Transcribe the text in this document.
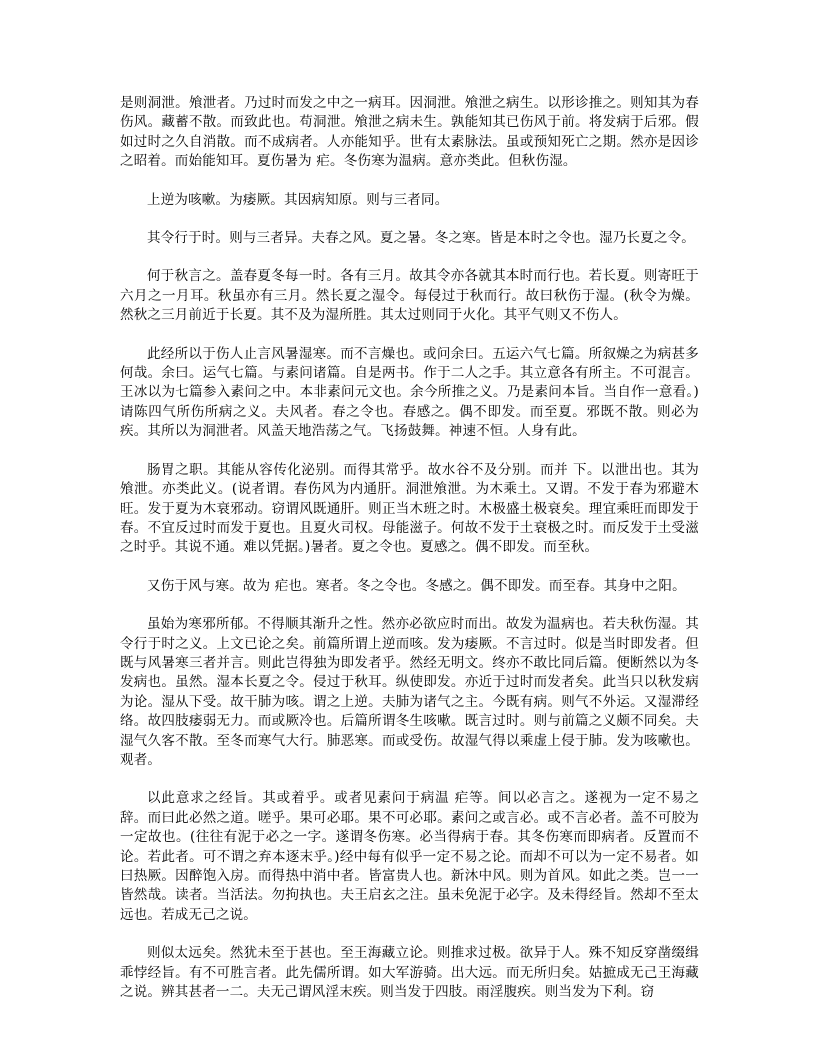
是则洞泄。飧泄者。乃过时而发之中之一病耳。因洞泄。飧泄之病生。以形诊推之。则知其为春伤风。藏蓄不散。而致此也。苟洞泄。飧泄之病未生。孰能知其已伤风于前。将发病于后邪。假如过时之久自消散。而不成病者。人亦能知乎。世有太素脉法。虽或预知死亡之期。然亦是因诊之昭着。而始能知耳。夏伤暑为 疟。冬伤寒为温病。意亦类此。但秋伤湿。

上逆为咳嗽。为痿厥。其因病知原。则与三者同。

其令行于时。则与三者异。夫春之风。夏之暑。冬之寒。皆是本时之令也。湿乃长夏之令。

何于秋言之。盖春夏冬每一时。各有三月。故其令亦各就其本时而行也。若长夏。则寄旺于六月之一月耳。秋虽亦有三月。然长夏之湿令。每侵过于秋而行。故曰秋伤于湿。(秋令为燥。然秋之三月前近于长夏。其不及为湿所胜。其太过则同于火化。其平气则又不伤人。

此经所以于伤人止言风暑湿寒。而不言燥也。或问余曰。五运六气七篇。所叙燥之为病甚多何哉。余曰。运气七篇。与素问诸篇。自是两书。作于二人之手。其立意各有所主。不可混言。王冰以为七篇参入素问之中。本非素问元文也。余今所推之义。乃是素问本旨。当自作一意看。)请陈四气所伤所病之义。夫风者。春之令也。春感之。偶不即发。而至夏。邪既不散。则必为疾。其所以为洞泄者。风盖天地浩荡之气。飞扬鼓舞。神速不恒。人身有此。

肠胃之职。其能从容传化泌别。而得其常乎。故水谷不及分别。而并 下。以泄出也。其为飧泄。亦类此义。(说者谓。春伤风为内通肝。洞泄飧泄。为木乘土。又谓。不发于春为邪避木旺。发于夏为木衰邪动。窃谓风既通肝。则正当木班之时。木极盛土极衰矣。理宜乘旺而即发于春。不宜反过时而发于夏也。且夏火司权。母能滋子。何故不发于土衰极之时。而反发于土受滋之时乎。其说不通。难以凭据。)暑者。夏之令也。夏感之。偶不即发。而至秋。

又伤于风与寒。故为 疟也。寒者。冬之令也。冬感之。偶不即发。而至春。其身中之阳。

虽始为寒邪所郁。不得顺其渐升之性。然亦必欲应时而出。故发为温病也。若夫秋伤湿。其令行于时之义。上文已论之矣。前篇所谓上逆而咳。发为痿厥。不言过时。似是当时即发者。但既与风暑寒三者并言。则此岂得独为即发者乎。然经无明文。终亦不敢比同后篇。便断然以为冬发病也。虽然。湿本长夏之令。侵过于秋耳。纵使即发。亦近于过时而发者矣。此当只以秋发病为论。湿从下受。故干肺为咳。谓之上逆。夫肺为诸气之主。今既有病。则气不外运。又湿滞经络。故四肢痿弱无力。而或厥冷也。后篇所谓冬生咳嗽。既言过时。则与前篇之义颇不同矣。夫湿气久客不散。至冬而寒气大行。肺恶寒。而或受伤。故湿气得以乘虚上侵于肺。发为咳嗽也。观者。

以此意求之经旨。其或着乎。或者见素问于病温 疟等。间以必言之。遂视为一定不易之辞。而曰此必然之道。嗟乎。果可必耶。果不可必耶。素问之或言必。或不言必者。盖不可胶为一定故也。(往往有泥于必之一字。遂谓冬伤寒。必当得病于春。其冬伤寒而即病者。反置而不论。若此者。可不谓之弃本逐末乎。)经中每有似乎一定不易之论。而却不可以为一定不易者。如曰热厥。因醉饱入房。而得热中消中者。皆富贵人也。新沐中风。则为首风。如此之类。岂一一皆然哉。读者。当活法。勿拘执也。夫王启玄之注。虽未免泥于必字。及未得经旨。然却不至太远也。若成无己之说。

则似太远矣。然犹未至于甚也。至王海藏立论。则推求过极。欲异于人。殊不知反穿凿缀缉乖悖经旨。有不可胜言者。此先儒所谓。如大军游骑。出大远。而无所归矣。姑摭成无己王海藏之说。辨其甚者一二。夫无己谓风淫末疾。则当发于四肢。雨淫腹疾。则当发为下利。窃
